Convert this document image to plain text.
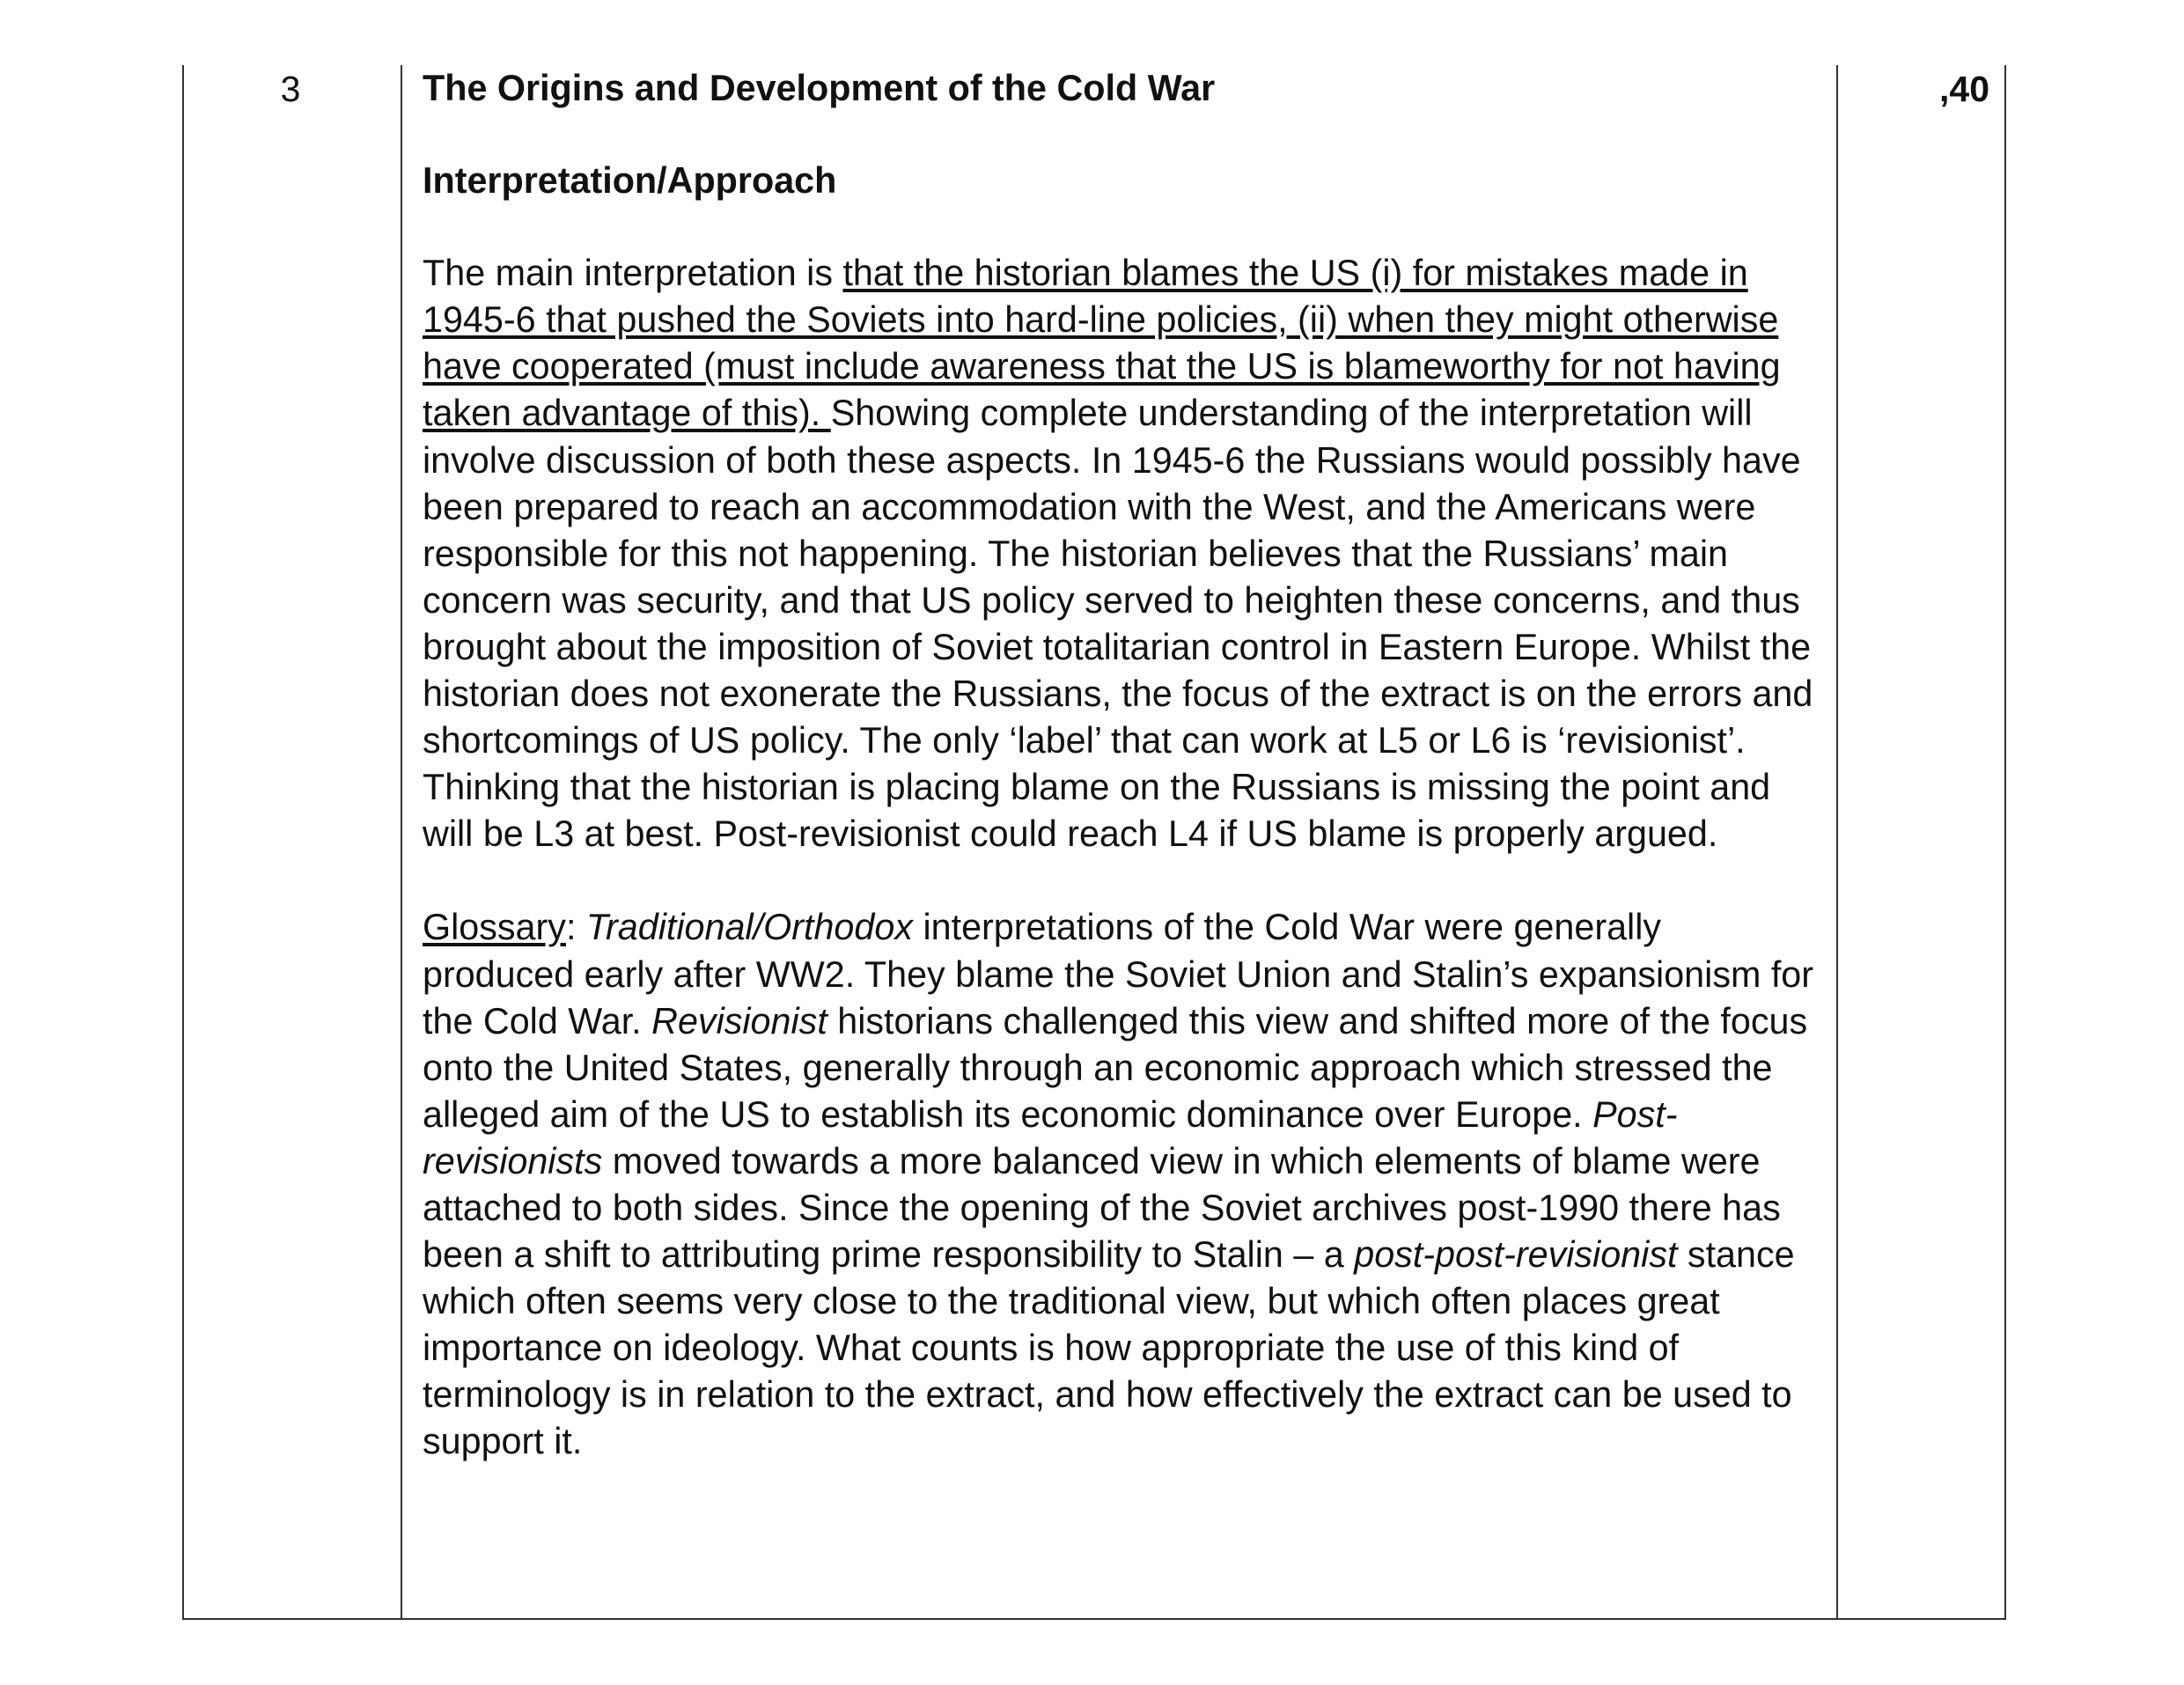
3	The Origins and Development of the Cold War

Interpretation/Approach

The main interpretation is that the historian blames the US (i) for mistakes made in 1945-6 that pushed the Soviets into hard-line policies, (ii) when they might otherwise have cooperated (must include awareness that the US is blameworthy for not having taken advantage of this). Showing complete understanding of the interpretation will involve discussion of both these aspects. In 1945-6 the Russians would possibly have been prepared to reach an accommodation with the West, and the Americans were responsible for this not happening. The historian believes that the Russians’ main concern was security, and that US policy served to heighten these concerns, and thus brought about the imposition of Soviet totalitarian control in Eastern Europe. Whilst the historian does not exonerate the Russians, the focus of the extract is on the errors and shortcomings of US policy. The only ‘label’ that can work at L5 or L6 is ‘revisionist’. Thinking that the historian is placing blame on the Russians is missing the point and will be L3 at best. Post-revisionist could reach L4 if US blame is properly argued.

Glossary: Traditional/Orthodox interpretations of the Cold War were generally produced early after WW2. They blame the Soviet Union and Stalin’s expansionism for the Cold War. Revisionist historians challenged this view and shifted more of the focus onto the United States, generally through an economic approach which stressed the alleged aim of the US to establish its economic dominance over Europe. Post-revisionists moved towards a more balanced view in which elements of blame were attached to both sides. Since the opening of the Soviet archives post-1990 there has been a shift to attributing prime responsibility to Stalin – a post-post-revisionist stance which often seems very close to the traditional view, but which often places great importance on ideology. What counts is how appropriate the use of this kind of terminology is in relation to the extract, and how effectively the extract can be used to support it.

,40
